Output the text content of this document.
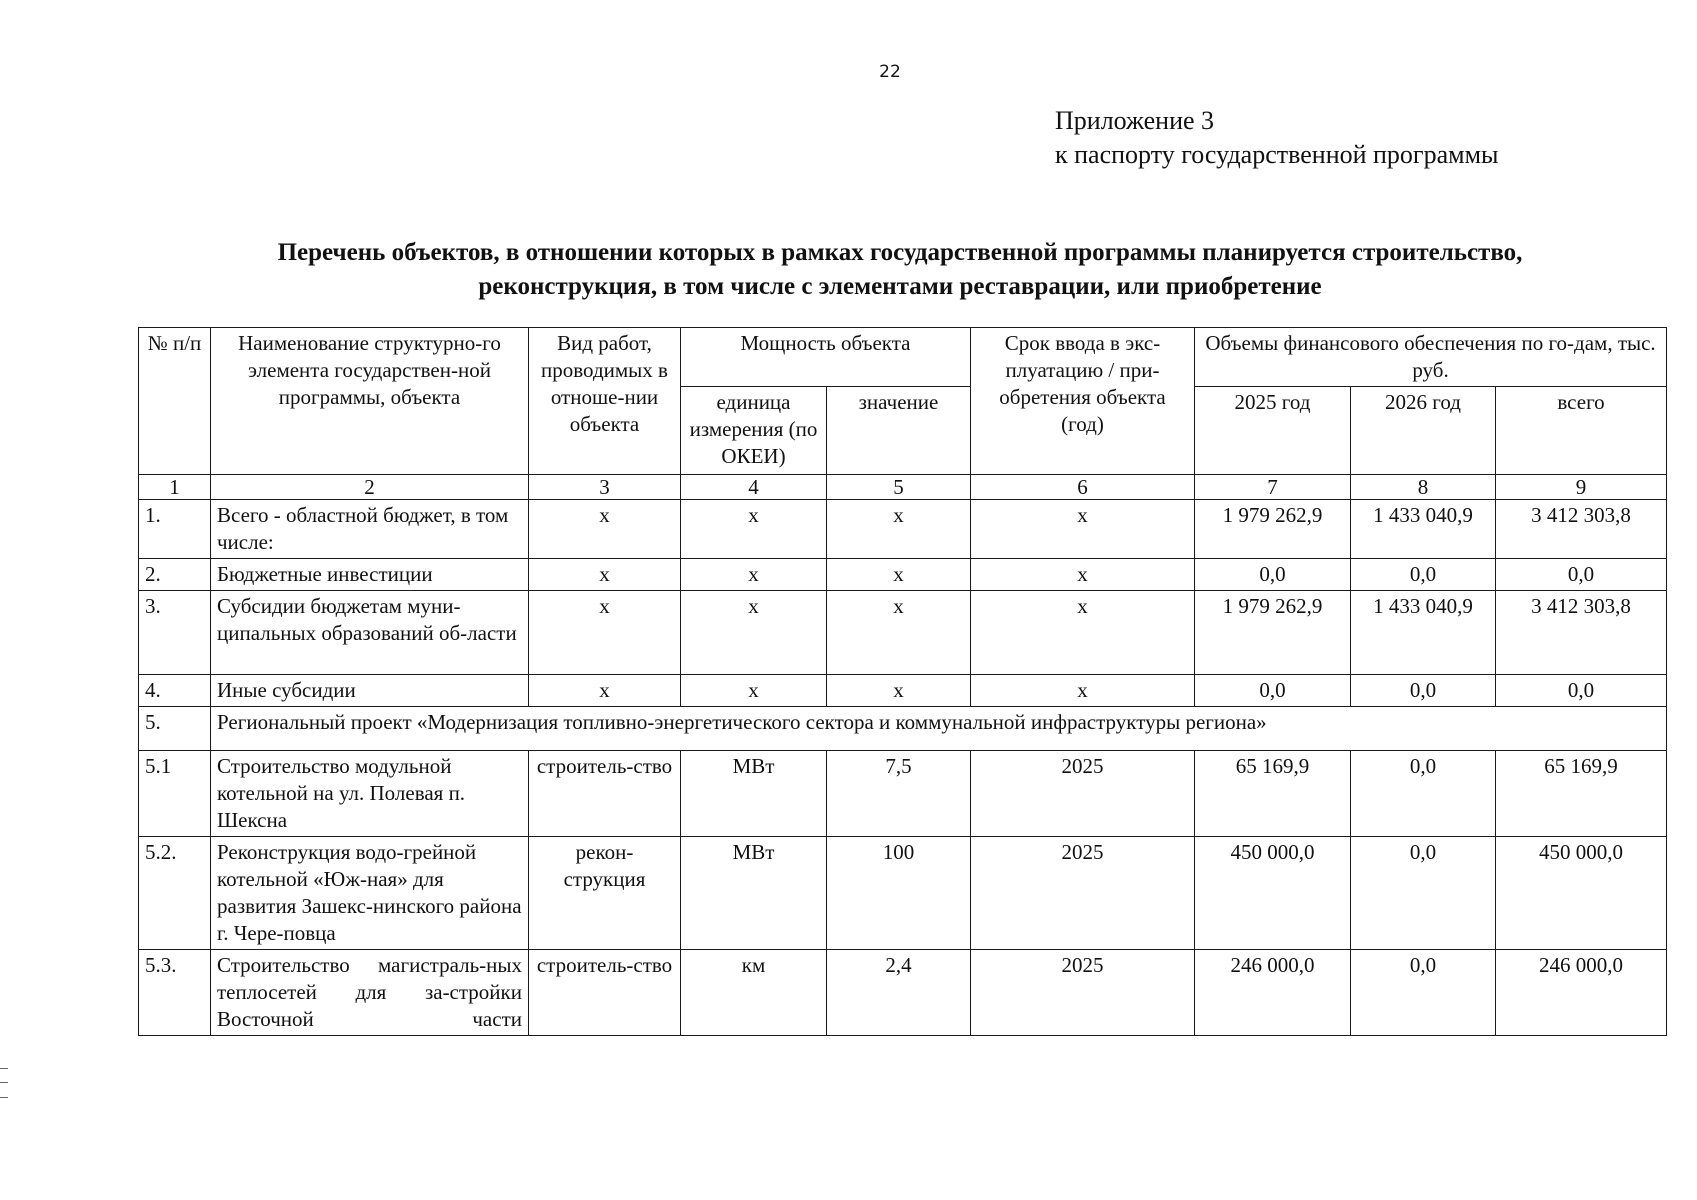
22
Приложение 3
к паспорту государственной программы
Перечень объектов, в отношении которых в рамках государственной программы планируется строительство,
реконструкция, в том числе с элементами реставрации, или приобретение
№ п/п	Наименование структурно-го элемента государствен-ной программы, объекта	Вид работ, проводимых в отноше-нии объекта	Мощность объекта		Срок ввода в экс-плуатацию / при-обретения объекта (год)	Объемы финансового обеспечения по го-дам, тыс. руб.		
			единица измерения (по ОКЕИ)	значение		2025 год	2026 год	всего
1	2	3	4	5	6	7	8	9
1.	Всего - областной бюджет, в том числе:	х	х	х	х	1 979 262,9	1 433 040,9	3 412 303,8
2.	Бюджетные инвестиции	х	х	х	х	0,0	0,0	0,0
3.	Субсидии бюджетам муни-ципальных образований об-ласти	х	х	х	х	1 979 262,9	1 433 040,9	3 412 303,8
4.	Иные субсидии	х	х	х	х	0,0	0,0	0,0
5.	Региональный проект «Модернизация топливно-энергетического сектора и коммунальной инфраструктуры региона»							
5.1	Строительство модульной котельной на ул. Полевая п. Шексна	строитель-ство	МВт	7,5	2025	65 169,9	0,0	65 169,9
5.2.	Реконструкция водо-грейной котельной «Юж-ная» для развития Зашекс-нинского района г. Чере-повца	рекон-струкция	МВт	100	2025	450 000,0	0,0	450 000,0
5.3.	Строительство магистраль-ных теплосетей для за-стройки Восточной части	строитель-ство	км	2,4	2025	246 000,0	0,0	246 000,0
